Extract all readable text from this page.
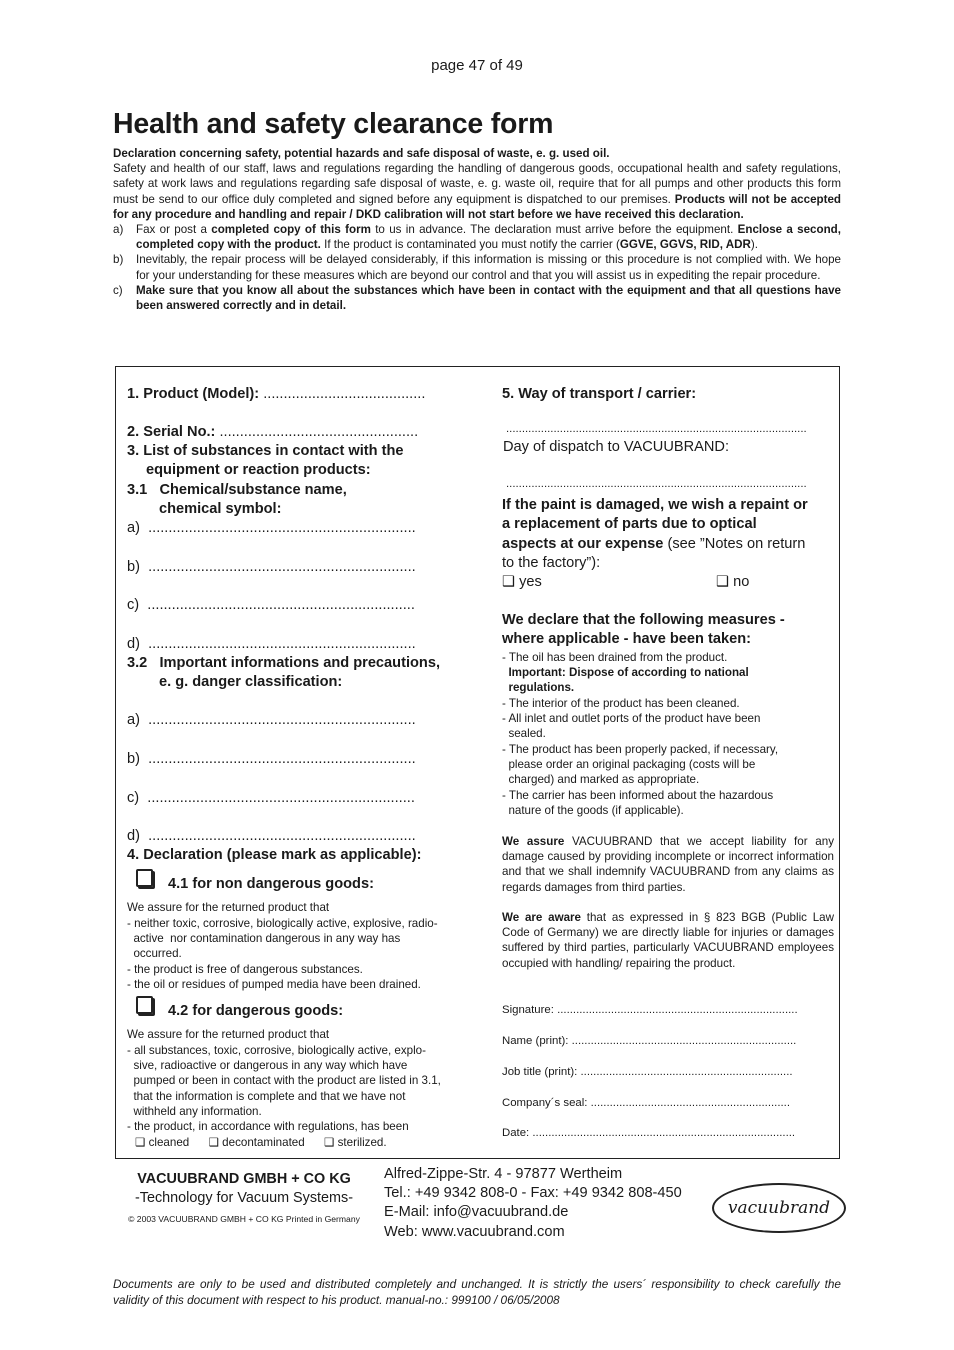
page 47 of 49
Health and safety clearance form

Declaration concerning safety, potential hazards and safe disposal of waste, e. g. used oil.

Safety and health of our staff, laws and regulations regarding the handling of dangerous goods, occupational health and safety regulations, safety at work laws and regulations regarding safe disposal of waste, e. g. waste oil, require that for all pumps and other products this form must be send to our office duly completed and signed before any equipment is dispatched to our premises. Products will not be accepted for any procedure and handling and repair / DKD calibration will not start before we have received this declaration.

a)	Fax or post a completed copy of this form to us in advance. The declaration must arrive before the equipment. Enclose a second, completed copy with the product. If the product is contaminated you must notify the carrier (GGVE, GGVS, RID, ADR).
b)	Inevitably, the repair process will be delayed considerably, if this information is missing or this procedure is not complied with. We hope for your understanding for these measures which are beyond our control and that you will assist us in expediting the repair procedure.
c)	Make sure that you know all about the substances which have been in contact with the equipment and that all questions have been answered correctly and in detail.
1. Product (Model): ........................................
2. Serial No.: .................................................
3. List of substances in contact with the
equipment or reaction products:
3.1   Chemical/substance name,
chemical symbol:
a) ..................................................................
b) ..................................................................
c) ..................................................................
d) ..................................................................
3.2   Important informations and precautions,
e. g. danger classification:
a) ..................................................................
b) ..................................................................
c) ..................................................................
d) ..................................................................
4. Declaration (please mark as applicable):
4.1 for non dangerous goods:
We assure for the returned product that
- neither toxic, corrosive, biologically active, explosive, radio-
active  nor contamination dangerous in any way has
occurred.
- the product is free of dangerous substances.
- the oil or residues of pumped media have been drained.
4.2 for dangerous goods:
We assure for the returned product that
- all substances, toxic, corrosive, biologically active, explo-
sive, radioactive or dangerous in any way which have
pumped or been in contact with the product are listed in 3.1,
that the information is complete and that we have not
withheld any information.
- the product, in accordance with regulations, has been
❑ cleaned ❑ decontaminated ❑ sterilized.
5. Way of transport / carrier:
...............................................................................................
Day of dispatch to VACUUBRAND:
...............................................................................................
If the paint is damaged, we wish a repaint or
a replacement of parts due to optical
aspects at our expense (see ”Notes on return
to the factory”):
❑ yes	❑ no
We declare that the following measures -
where applicable - have been taken:
- The oil has been drained from the product.
Important: Dispose of according to national
regulations.
- The interior of the product has been cleaned.
- All inlet and outlet ports of the product have been
sealed.
- The product has been properly packed, if necessary,
please order an original packaging (costs will be
charged) and marked as appropriate.
- The carrier has been informed about the hazardous
nature of the goods (if applicable).
We assure VACUUBRAND that we accept liability for any damage caused by providing incomplete or incorrect information and that we shall indemnify VACUUBRAND from any claims as regards damages from third parties.
We are aware that as expressed in § 823 BGB (Public Law Code of Germany) we are directly liable for injuries or damages suffered by third parties, particularly VACUUBRAND employees occupied with handling/ repairing the product.
Signature: ............................................................................
Name (print): .......................................................................
Job title (print): ...................................................................
Company´s seal: ...............................................................
Date: ...................................................................................
VACUUBRAND GMBH + CO KG
-Technology for Vacuum Systems-
© 2003 VACUUBRAND GMBH + CO KG Printed in Germany
Alfred-Zippe-Str. 4 - 97877 Wertheim
Tel.: +49 9342 808-0 - Fax: +49 9342 808-450
E-Mail: info@vacuubrand.de
Web: www.vacuubrand.com
vacuubrand
Documents are only to be used and distributed completely and unchanged. It is strictly the users´ responsibility to check carefully the validity of this document with respect to his product. manual-no.: 999100 / 06/05/2008
